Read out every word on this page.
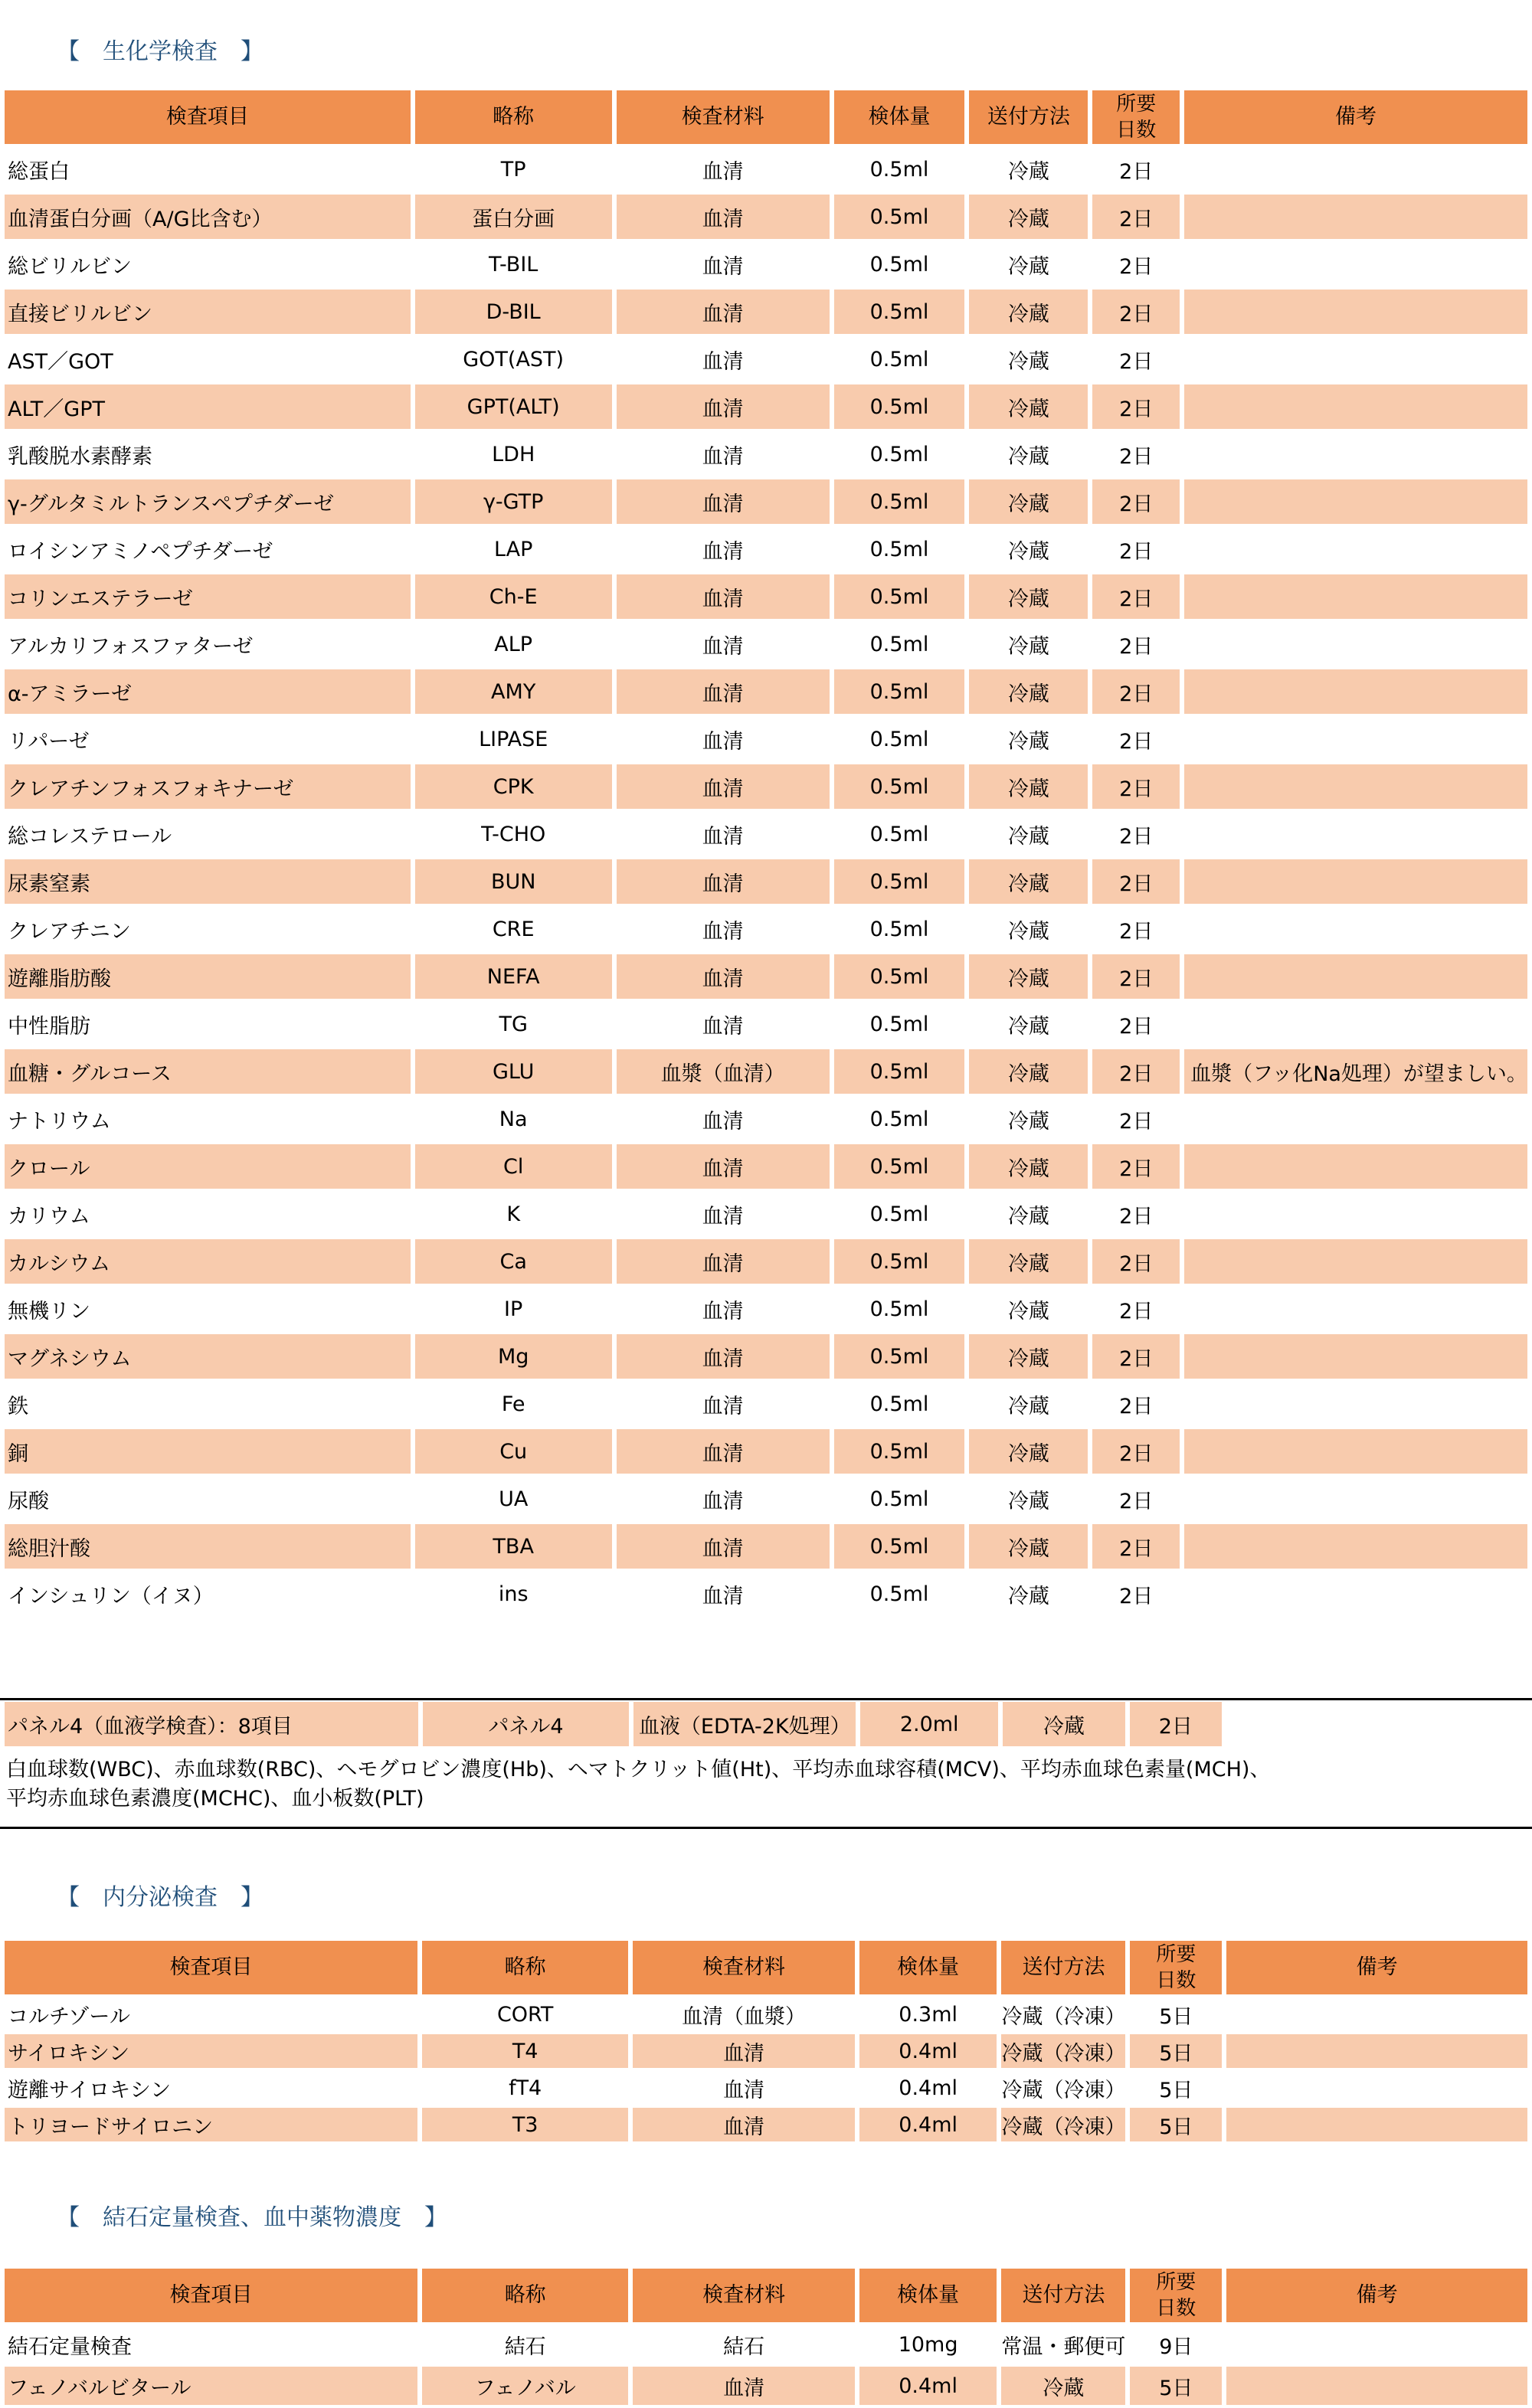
【　生化学検査　】
検査項目	略称	検査材料	検体量	送付方法	所要
日数	備考
総蛋白	TP	血清	0.5ml	冷蔵	2日	
血清蛋白分画（A/G比含む）	蛋白分画	血清	0.5ml	冷蔵	2日	
総ビリルビン	T-BIL	血清	0.5ml	冷蔵	2日	
直接ビリルビン	D-BIL	血清	0.5ml	冷蔵	2日	
AST／GOT	GOT(AST)	血清	0.5ml	冷蔵	2日	
ALT／GPT	GPT(ALT)	血清	0.5ml	冷蔵	2日	
乳酸脱水素酵素	LDH	血清	0.5ml	冷蔵	2日	
γ-グルタミルトランスペプチダーゼ	γ-GTP	血清	0.5ml	冷蔵	2日	
ロイシンアミノペプチダーゼ	LAP	血清	0.5ml	冷蔵	2日	
コリンエステラーゼ	Ch-E	血清	0.5ml	冷蔵	2日	
アルカリフォスファターゼ	ALP	血清	0.5ml	冷蔵	2日	
α-アミラーゼ	AMY	血清	0.5ml	冷蔵	2日	
リパーゼ	LIPASE	血清	0.5ml	冷蔵	2日	
クレアチンフォスフォキナーゼ	CPK	血清	0.5ml	冷蔵	2日	
総コレステロール	T-CHO	血清	0.5ml	冷蔵	2日	
尿素窒素	BUN	血清	0.5ml	冷蔵	2日	
クレアチニン	CRE	血清	0.5ml	冷蔵	2日	
遊離脂肪酸	NEFA	血清	0.5ml	冷蔵	2日	
中性脂肪	TG	血清	0.5ml	冷蔵	2日	
血糖・グルコース	GLU	血漿（血清）	0.5ml	冷蔵	2日	血漿（フッ化Na処理）が望ましい。
ナトリウム	Na	血清	0.5ml	冷蔵	2日	
クロール	Cl	血清	0.5ml	冷蔵	2日	
カリウム	K	血清	0.5ml	冷蔵	2日	
カルシウム	Ca	血清	0.5ml	冷蔵	2日	
無機リン	IP	血清	0.5ml	冷蔵	2日	
マグネシウム	Mg	血清	0.5ml	冷蔵	2日	
鉄	Fe	血清	0.5ml	冷蔵	2日	
銅	Cu	血清	0.5ml	冷蔵	2日	
尿酸	UA	血清	0.5ml	冷蔵	2日	
総胆汁酸	TBA	血清	0.5ml	冷蔵	2日	
インシュリン（イヌ）	ins	血清	0.5ml	冷蔵	2日	
パネル4（血液学検査）：8項目	パネル4	血液（EDTA-2K処理）	2.0ml	冷蔵	2日	
白血球数(WBC)、赤血球数(RBC)、ヘモグロビン濃度(Hb)、ヘマトクリット値(Ht)、平均赤血球容積(MCV)、平均赤血球色素量(MCH)、
平均赤血球色素濃度(MCHC)、血小板数(PLT)
【　内分泌検査　】
検査項目	略称	検査材料	検体量	送付方法	所要
日数	備考
コルチゾール	CORT	血清（血漿）	0.3ml	冷蔵（冷凍）	5日	
サイロキシン	T4	血清	0.4ml	冷蔵（冷凍）	5日	
遊離サイロキシン	fT4	血清	0.4ml	冷蔵（冷凍）	5日	
トリヨードサイロニン	T3	血清	0.4ml	冷蔵（冷凍）	5日	
【　結石定量検査、血中薬物濃度　】
検査項目	略称	検査材料	検体量	送付方法	所要
日数	備考
結石定量検査	結石	結石	10mg	常温・郵便可	9日	
フェノバルビタール	フェノバル	血清	0.4ml	冷蔵	5日	
